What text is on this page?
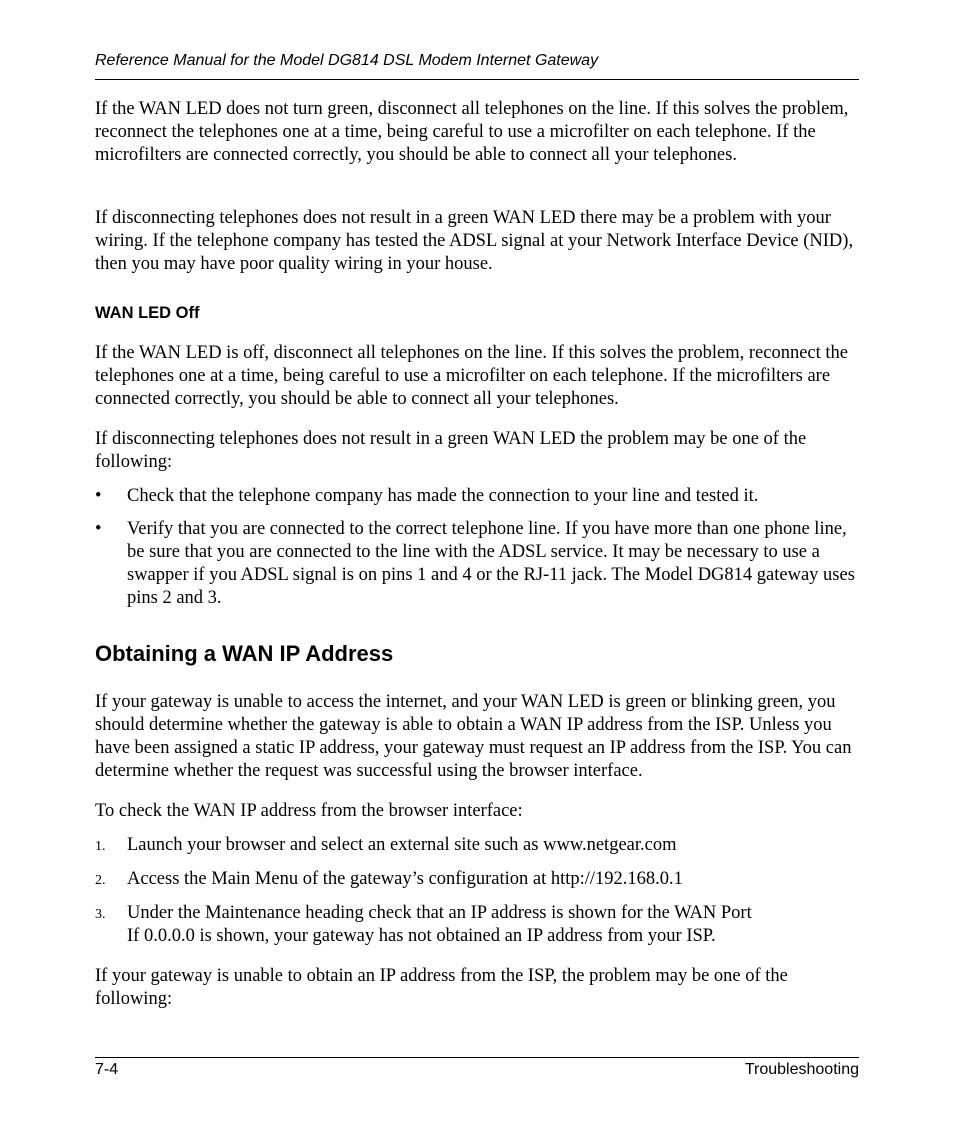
Reference Manual for the Model DG814 DSL Modem Internet Gateway

If the WAN LED does not turn green, disconnect all telephones on the line. If this solves the problem, reconnect the telephones one at a time, being careful to use a microfilter on each telephone. If the microfilters are connected correctly, you should be able to connect all your telephones.

If disconnecting telephones does not result in a green WAN LED there may be a problem with your wiring. If the telephone company has tested the ADSL signal at your Network Interface Device (NID), then you may have poor quality wiring in your house.

WAN LED Off

If the WAN LED is off, disconnect all telephones on the line. If this solves the problem, reconnect the telephones one at a time, being careful to use a microfilter on each telephone. If the microfilters are connected correctly, you should be able to connect all your telephones.

If disconnecting telephones does not result in a green WAN LED the problem may be one of the following:

• Check that the telephone company has made the connection to your line and tested it.
• Verify that you are connected to the correct telephone line. If you have more than one phone line, be sure that you are connected to the line with the ADSL service. It may be necessary to use a swapper if you ADSL signal is on pins 1 and 4 or the RJ-11 jack. The Model DG814 gateway uses pins 2 and 3.
Obtaining a WAN IP Address

If your gateway is unable to access the internet, and your WAN LED is green or blinking green, you should determine whether the gateway is able to obtain a WAN IP address from the ISP. Unless you have been assigned a static IP address, your gateway must request an IP address from the ISP. You can determine whether the request was successful using the browser interface.

To check the WAN IP address from the browser interface:

1. Launch your browser and select an external site such as www.netgear.com
2. Access the Main Menu of the gateway’s configuration at http://192.168.0.1
3. Under the Maintenance heading check that an IP address is shown for the WAN Port
If 0.0.0.0 is shown, your gateway has not obtained an IP address from your ISP.

If your gateway is unable to obtain an IP address from the ISP, the problem may be one of the following:

7-4	Troubleshooting
